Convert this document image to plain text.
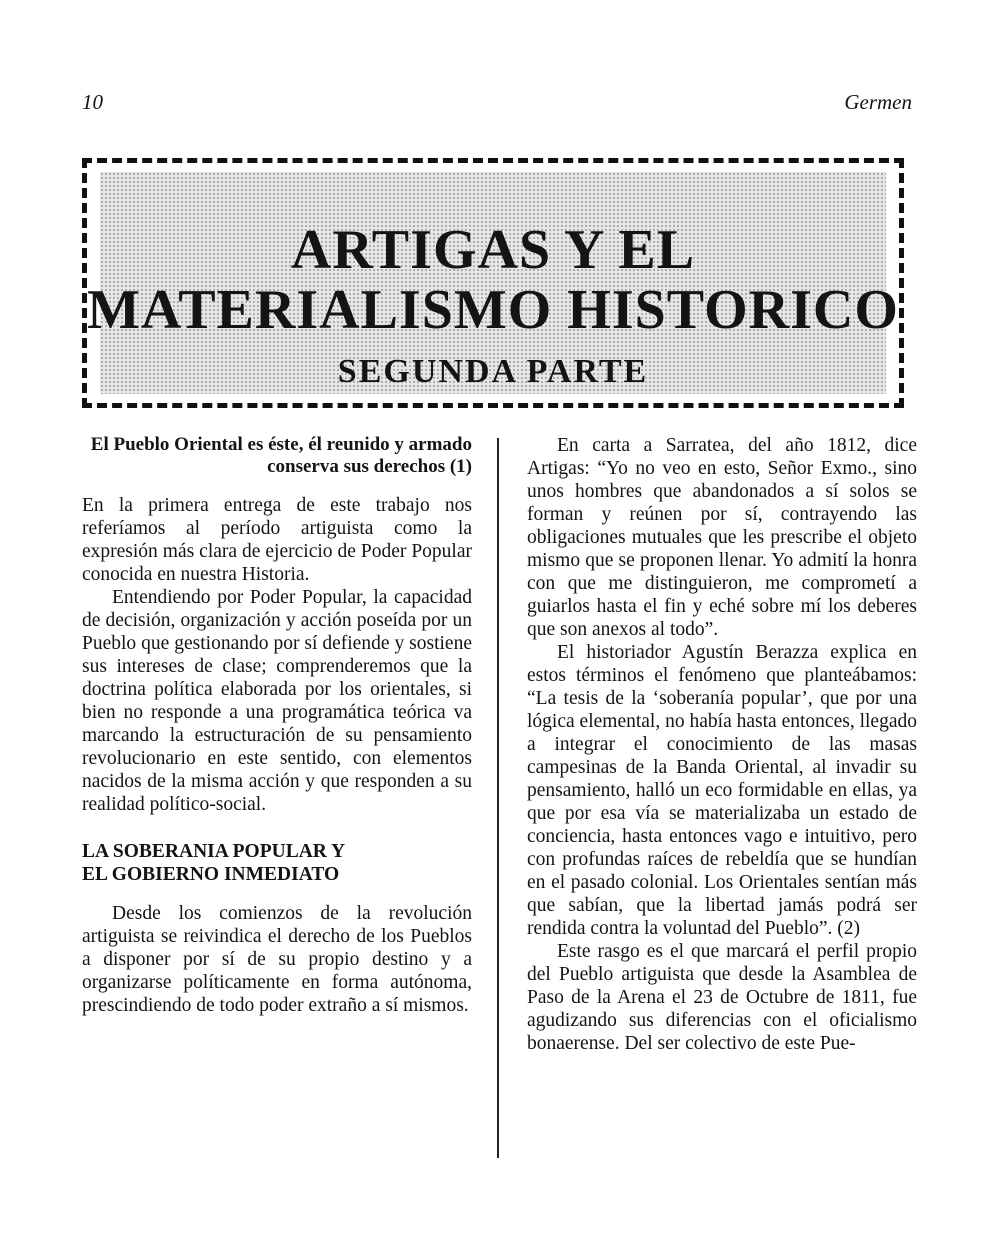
10	Germen
ARTIGAS Y EL
MATERIALISMO HISTORICO
SEGUNDA PARTE
El Pueblo Oriental es éste, él reunido y armado conserva sus derechos (1)

En la primera entrega de este trabajo nos referíamos al período artiguista como la expresión más clara de ejercicio de Poder Popular conocida en nuestra Historia.

Entendiendo por Poder Popular, la capacidad de decisión, organización y acción poseída por un Pueblo que gestionando por sí defiende y sostiene sus intereses de clase; comprenderemos que la doctrina política elaborada por los orientales, si bien no responde a una programática teórica va marcando la estructuración de su pensamiento revolucionario en este sentido, con elementos nacidos de la misma acción y que responden a su realidad político-social.

LA SOBERANIA POPULAR Y
EL GOBIERNO INMEDIATO

Desde los comienzos de la revolución artiguista se reivindica el derecho de los Pueblos a disponer por sí de su propio destino y a organizarse políticamente en forma autónoma, prescindiendo de todo poder extraño a sí mismos.

En carta a Sarratea, del año 1812, dice Artigas: “Yo no veo en esto, Señor Exmo., sino unos hombres que abandonados a sí solos se forman y reúnen por sí, contrayendo las obligaciones mutuales que les prescribe el objeto mismo que se proponen llenar. Yo admití la honra con que me distinguieron, me comprometí a guiarlos hasta el fin y eché sobre mí los deberes que son anexos al todo”.

El historiador Agustín Berazza explica en estos términos el fenómeno que planteábamos: “La tesis de la ‘soberanía popular’, que por una lógica elemental, no había hasta entonces, llegado a integrar el conocimiento de las masas campesinas de la Banda Oriental, al invadir su pensamiento, halló un eco formidable en ellas, ya que por esa vía se materializaba un estado de conciencia, hasta entonces vago e intuitivo, pero con profundas raíces de rebeldía que se hundían en el pasado colonial. Los Orientales sentían más que sabían, que la libertad jamás podrá ser rendida contra la voluntad del Pueblo”. (2)

Este rasgo es el que marcará el perfil propio del Pueblo artiguista que desde la Asamblea de Paso de la Arena el 23 de Octubre de 1811, fue agudizando sus diferencias con el oficialismo bonaerense. Del ser colectivo de este Pue-
